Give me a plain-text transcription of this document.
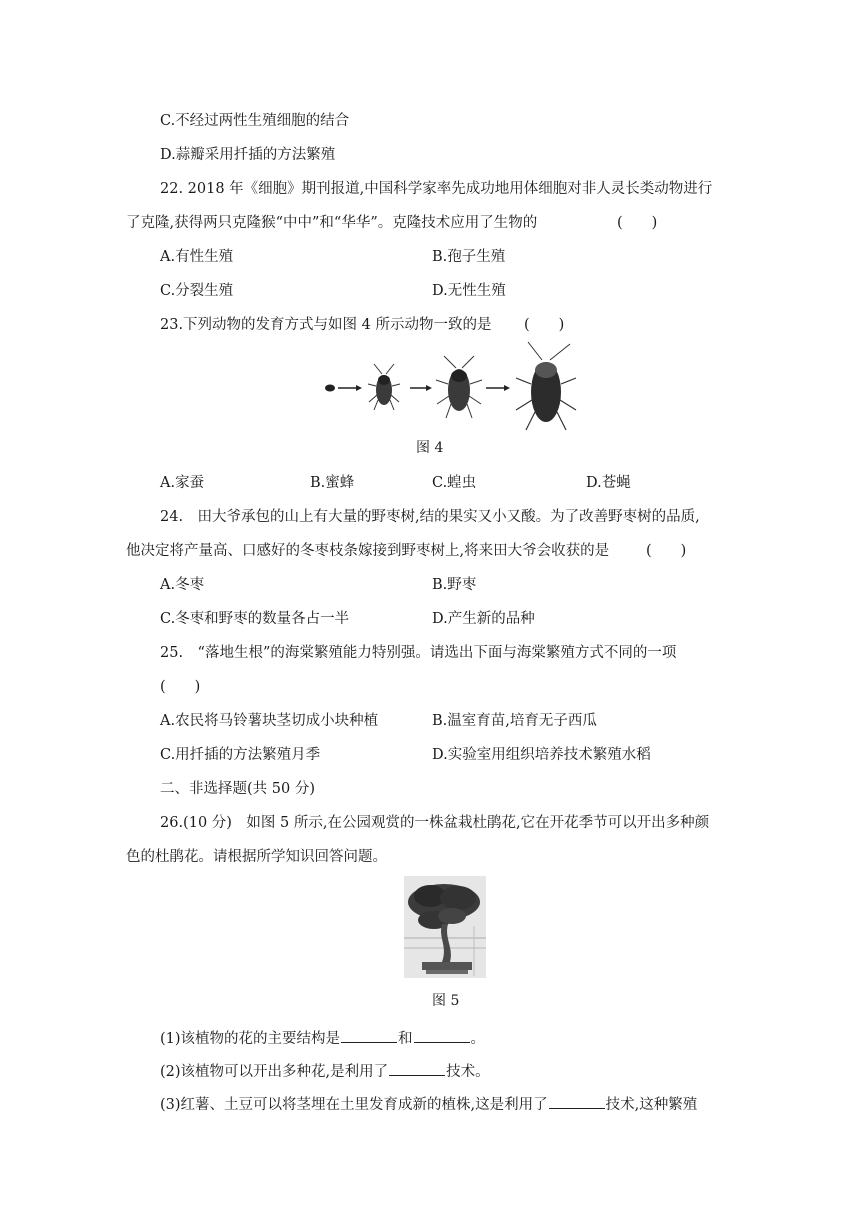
C.不经过两性生殖细胞的结合
D.蒜瓣采用扦插的方法繁殖
22. 2018 年《细胞》期刊报道,中国科学家率先成功地用体细胞对非人灵长类动物进行
了克隆,获得两只克隆猴“中中”和“华华”。克隆技术应用了生物的	(　　)
A.有性生殖	B.孢子生殖
C.分裂生殖	D.无性生殖
23.下列动物的发育方式与如图 4 所示动物一致的是 (　　)
图 4
A.家蚕	B.蜜蜂	C.蝗虫	D.苍蝇
24.　田大爷承包的山上有大量的野枣树,结的果实又小又酸。为了改善野枣树的品质,
他决定将产量高、口感好的冬枣枝条嫁接到野枣树上,将来田大爷会收获的是	(　　)
A.冬枣	B.野枣
C.冬枣和野枣的数量各占一半	D.产生新的品种
25.　“落地生根”的海棠繁殖能力特别强。请选出下面与海棠繁殖方式不同的一项
(　　)
A.农民将马铃薯块茎切成小块种植	B.温室育苗,培育无子西瓜
C.用扦插的方法繁殖月季	D.实验室用组织培养技术繁殖水稻
二、非选择题(共 50 分)
26.(10 分)　如图 5 所示,在公园观赏的一株盆栽杜鹃花,它在开花季节可以开出多种颜
色的杜鹃花。请根据所学知识回答问题。
图 5
(1)该植物的花的主要结构是	和	。
(2)该植物可以开出多种花,是利用了	技术。
(3)红薯、土豆可以将茎埋在土里发育成新的植株,这是利用了	技术,这种繁殖
